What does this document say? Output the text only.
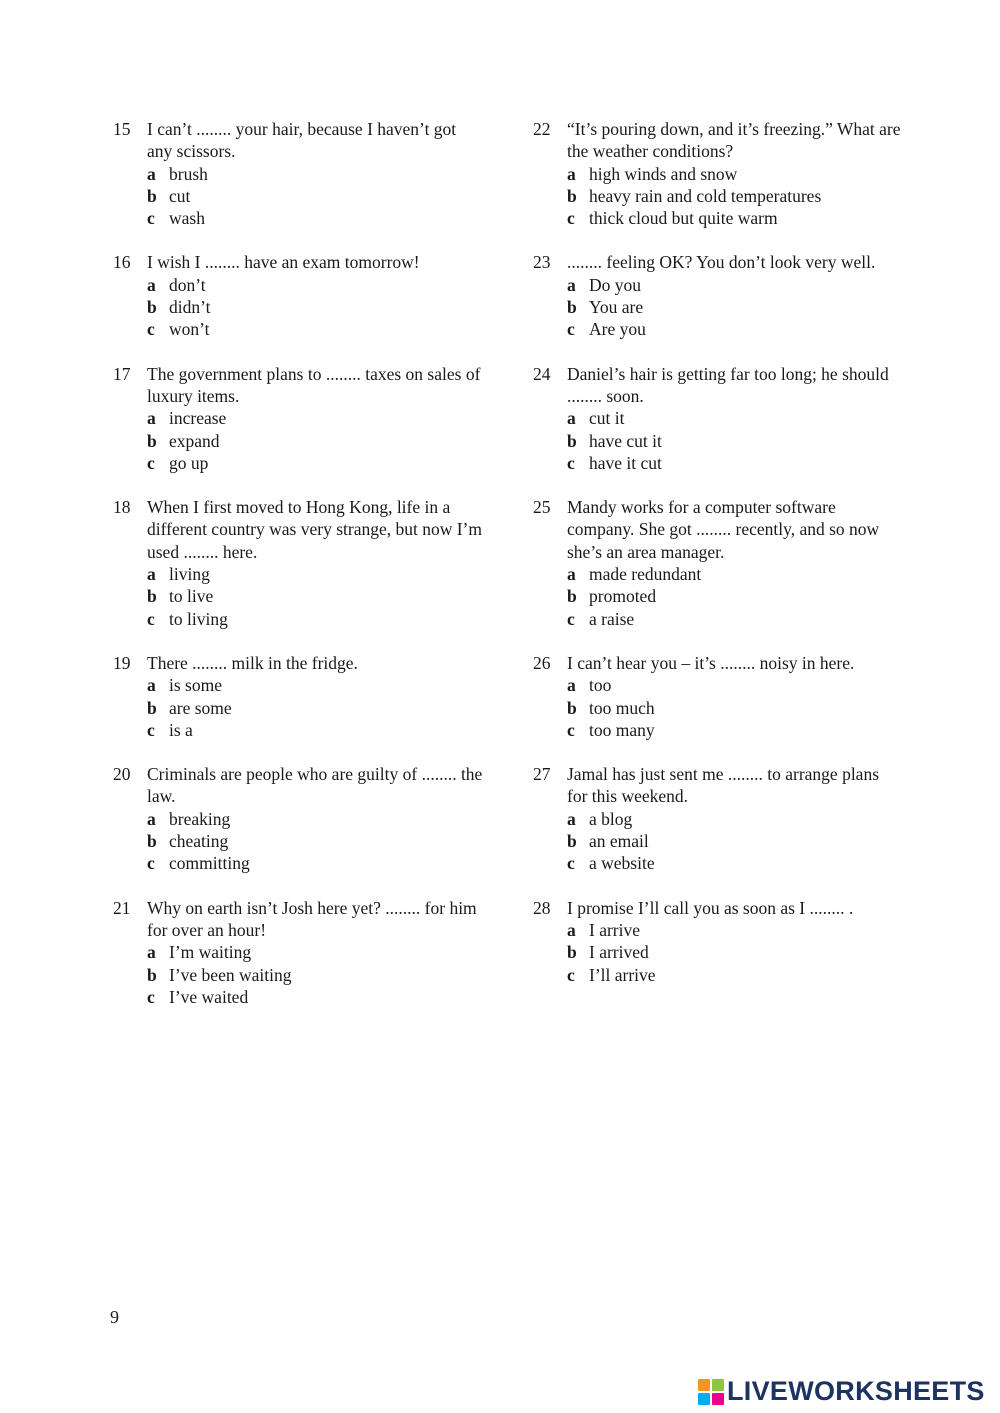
15 I can’t ........ your hair, because I haven’t got any scissors.
a brush
b cut
c wash
16 I wish I ........ have an exam tomorrow!
a don’t
b didn’t
c won’t
17 The government plans to ........ taxes on sales of luxury items.
a increase
b expand
c go up
18 When I first moved to Hong Kong, life in a different country was very strange, but now I’m used ........ here.
a living
b to live
c to living
19 There ........ milk in the fridge.
a is some
b are some
c is a
20 Criminals are people who are guilty of ........ the law.
a breaking
b cheating
c committing
21 Why on earth isn’t Josh here yet? ........ for him for over an hour!
a I’m waiting
b I’ve been waiting
c I’ve waited
22 “It’s pouring down, and it’s freezing.” What are the weather conditions?
a high winds and snow
b heavy rain and cold temperatures
c thick cloud but quite warm
23 ........ feeling OK? You don’t look very well.
a Do you
b You are
c Are you
24 Daniel’s hair is getting far too long; he should ........ soon.
a cut it
b have cut it
c have it cut
25 Mandy works for a computer software company. She got ........ recently, and so now she’s an area manager.
a made redundant
b promoted
c a raise
26 I can’t hear you – it’s ........ noisy in here.
a too
b too much
c too many
27 Jamal has just sent me ........ to arrange plans for this weekend.
a a blog
b an email
c a website
28 I promise I’ll call you as soon as I ........ .
a I arrive
b I arrived
c I’ll arrive
9
LIVEWORKSHEETS
